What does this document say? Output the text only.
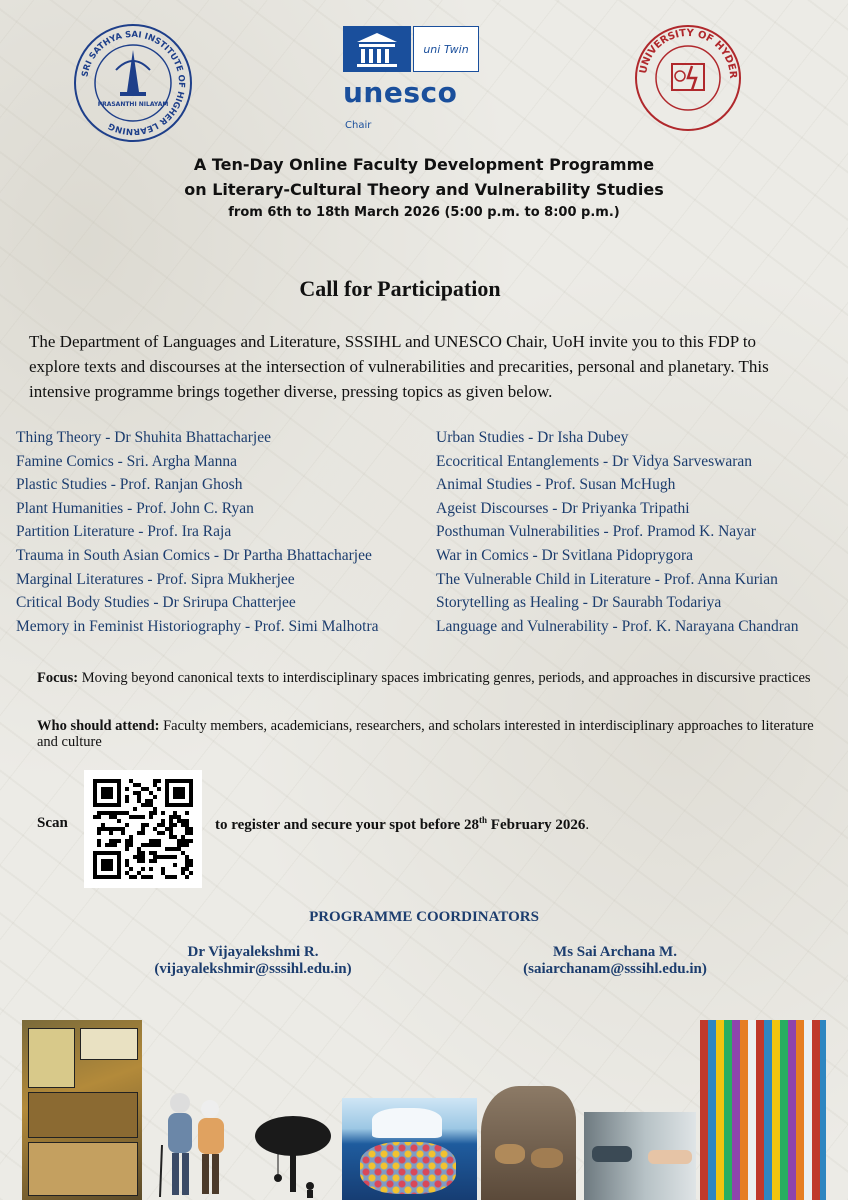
SRI SATHYA SAI INSTITUTE OF HIGHER LEARNING
PRASANTHI NILAYAM
uni Twin
unesco
Chair
UNIVERSITY OF HYDER
A Ten-Day Online Faculty Development Programme
on Literary-Cultural Theory and Vulnerability Studies
from 6th to 18th March 2026 (5:00 p.m. to 8:00 p.m.)
Call for Participation
The Department of Languages and Literature, SSSIHL and UNESCO Chair, UoH invite you to this FDP to explore texts and discourses at the intersection of vulnerabilities and precarities, personal and planetary. This intensive programme brings together diverse, pressing topics as given below.
Thing Theory - Dr Shuhita Bhattacharjee
Famine Comics - Sri. Argha Manna
Plastic Studies - Prof. Ranjan Ghosh
Plant Humanities - Prof. John C. Ryan
Partition Literature - Prof. Ira Raja
Trauma in South Asian Comics - Dr Partha Bhattacharjee
Marginal Literatures - Prof. Sipra Mukherjee
Critical Body Studies - Dr Srirupa Chatterjee
Memory in Feminist Historiography - Prof. Simi Malhotra
Urban Studies - Dr Isha Dubey
Ecocritical Entanglements - Dr Vidya Sarveswaran
Animal Studies - Prof. Susan McHugh
Ageist Discourses - Dr Priyanka Tripathi
Posthuman Vulnerabilities - Prof. Pramod K. Nayar
War in Comics - Dr Svitlana Pidoprygora
The Vulnerable Child in Literature - Prof. Anna Kurian
Storytelling as Healing - Dr Saurabh Todariya
Language and Vulnerability - Prof. K. Narayana Chandran
Focus: Moving beyond canonical texts to interdisciplinary spaces imbricating genres, periods, and approaches in discursive practices
Who should attend: Faculty members, academicians, researchers, and scholars interested in interdisciplinary approaches to literature and culture
Scan	to register and secure your spot before 28th February 2026.
PROGRAMME COORDINATORS
Dr Vijayalekshmi R.
(vijayalekshmir@sssihl.edu.in)
Ms Sai Archana M.
(saiarchanam@sssihl.edu.in)
